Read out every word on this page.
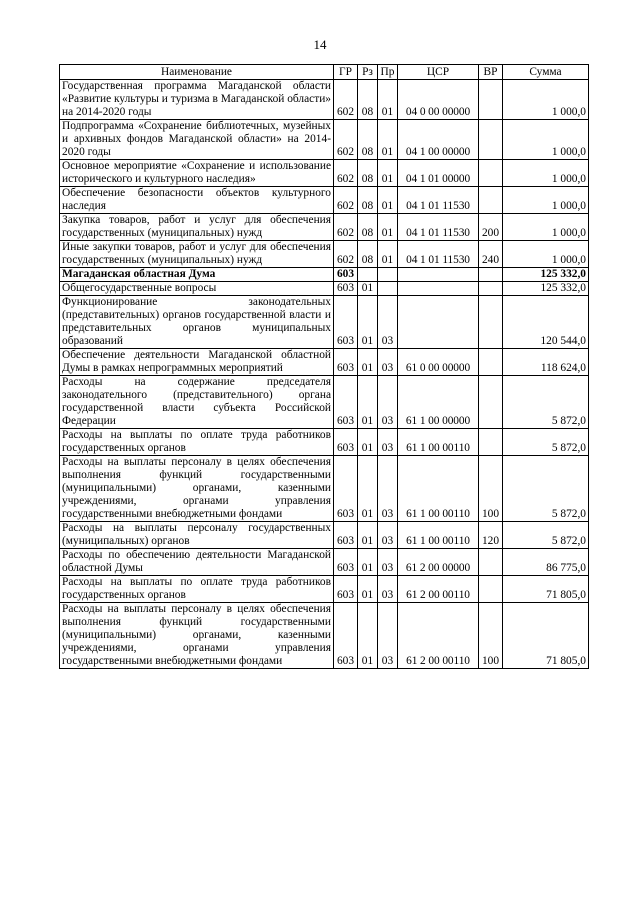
14
Наименование	ГР	Рз	Пр	ЦСР	ВР	Сумма
Государственная программа Магаданской области «Развитие культуры и туризма в Магаданской области» на 2014-2020 годы	602	08	01	04 0 00 00000		1 000,0
Подпрограмма «Сохранение библиотечных, музейных и архивных фондов Магаданской области» на 2014-2020 годы	602	08	01	04 1 00 00000		1 000,0
Основное мероприятие «Сохранение и использование исторического и культурного наследия»	602	08	01	04 1 01 00000		1 000,0
Обеспечение безопасности объектов культурного наследия	602	08	01	04 1 01 11530		1 000,0
Закупка товаров, работ и услуг для обеспечения государственных (муниципальных) нужд	602	08	01	04 1 01 11530	200	1 000,0
Иные закупки товаров, работ и услуг для обеспечения государственных (муниципальных) нужд	602	08	01	04 1 01 11530	240	1 000,0
Магаданская областная Дума	603					125 332,0
Общегосударственные вопросы	603	01				125 332,0
Функционирование законодательных (представительных) органов государственной власти и представительных органов муниципальных образований	603	01	03			120 544,0
Обеспечение деятельности Магаданской областной Думы в рамках непрограммных мероприятий	603	01	03	61 0 00 00000		118 624,0
Расходы на содержание председателя законодательного (представительного) органа государственной власти субъекта Российской Федерации	603	01	03	61 1 00 00000		5 872,0
Расходы на выплаты по оплате труда работников государственных органов	603	01	03	61 1 00 00110		5 872,0
Расходы на выплаты персоналу в целях обеспечения выполнения функций государственными (муниципальными) органами, казенными учреждениями, органами управления государственными внебюджетными фондами	603	01	03	61 1 00 00110	100	5 872,0
Расходы на выплаты персоналу государственных (муниципальных) органов	603	01	03	61 1 00 00110	120	5 872,0
Расходы по обеспечению деятельности Магаданской областной Думы	603	01	03	61 2 00 00000		86 775,0
Расходы на выплаты по оплате труда работников государственных органов	603	01	03	61 2 00 00110		71 805,0
Расходы на выплаты персоналу в целях обеспечения выполнения функций государственными (муниципальными) органами, казенными учреждениями, органами управления государственными внебюджетными фондами	603	01	03	61 2 00 00110	100	71 805,0
